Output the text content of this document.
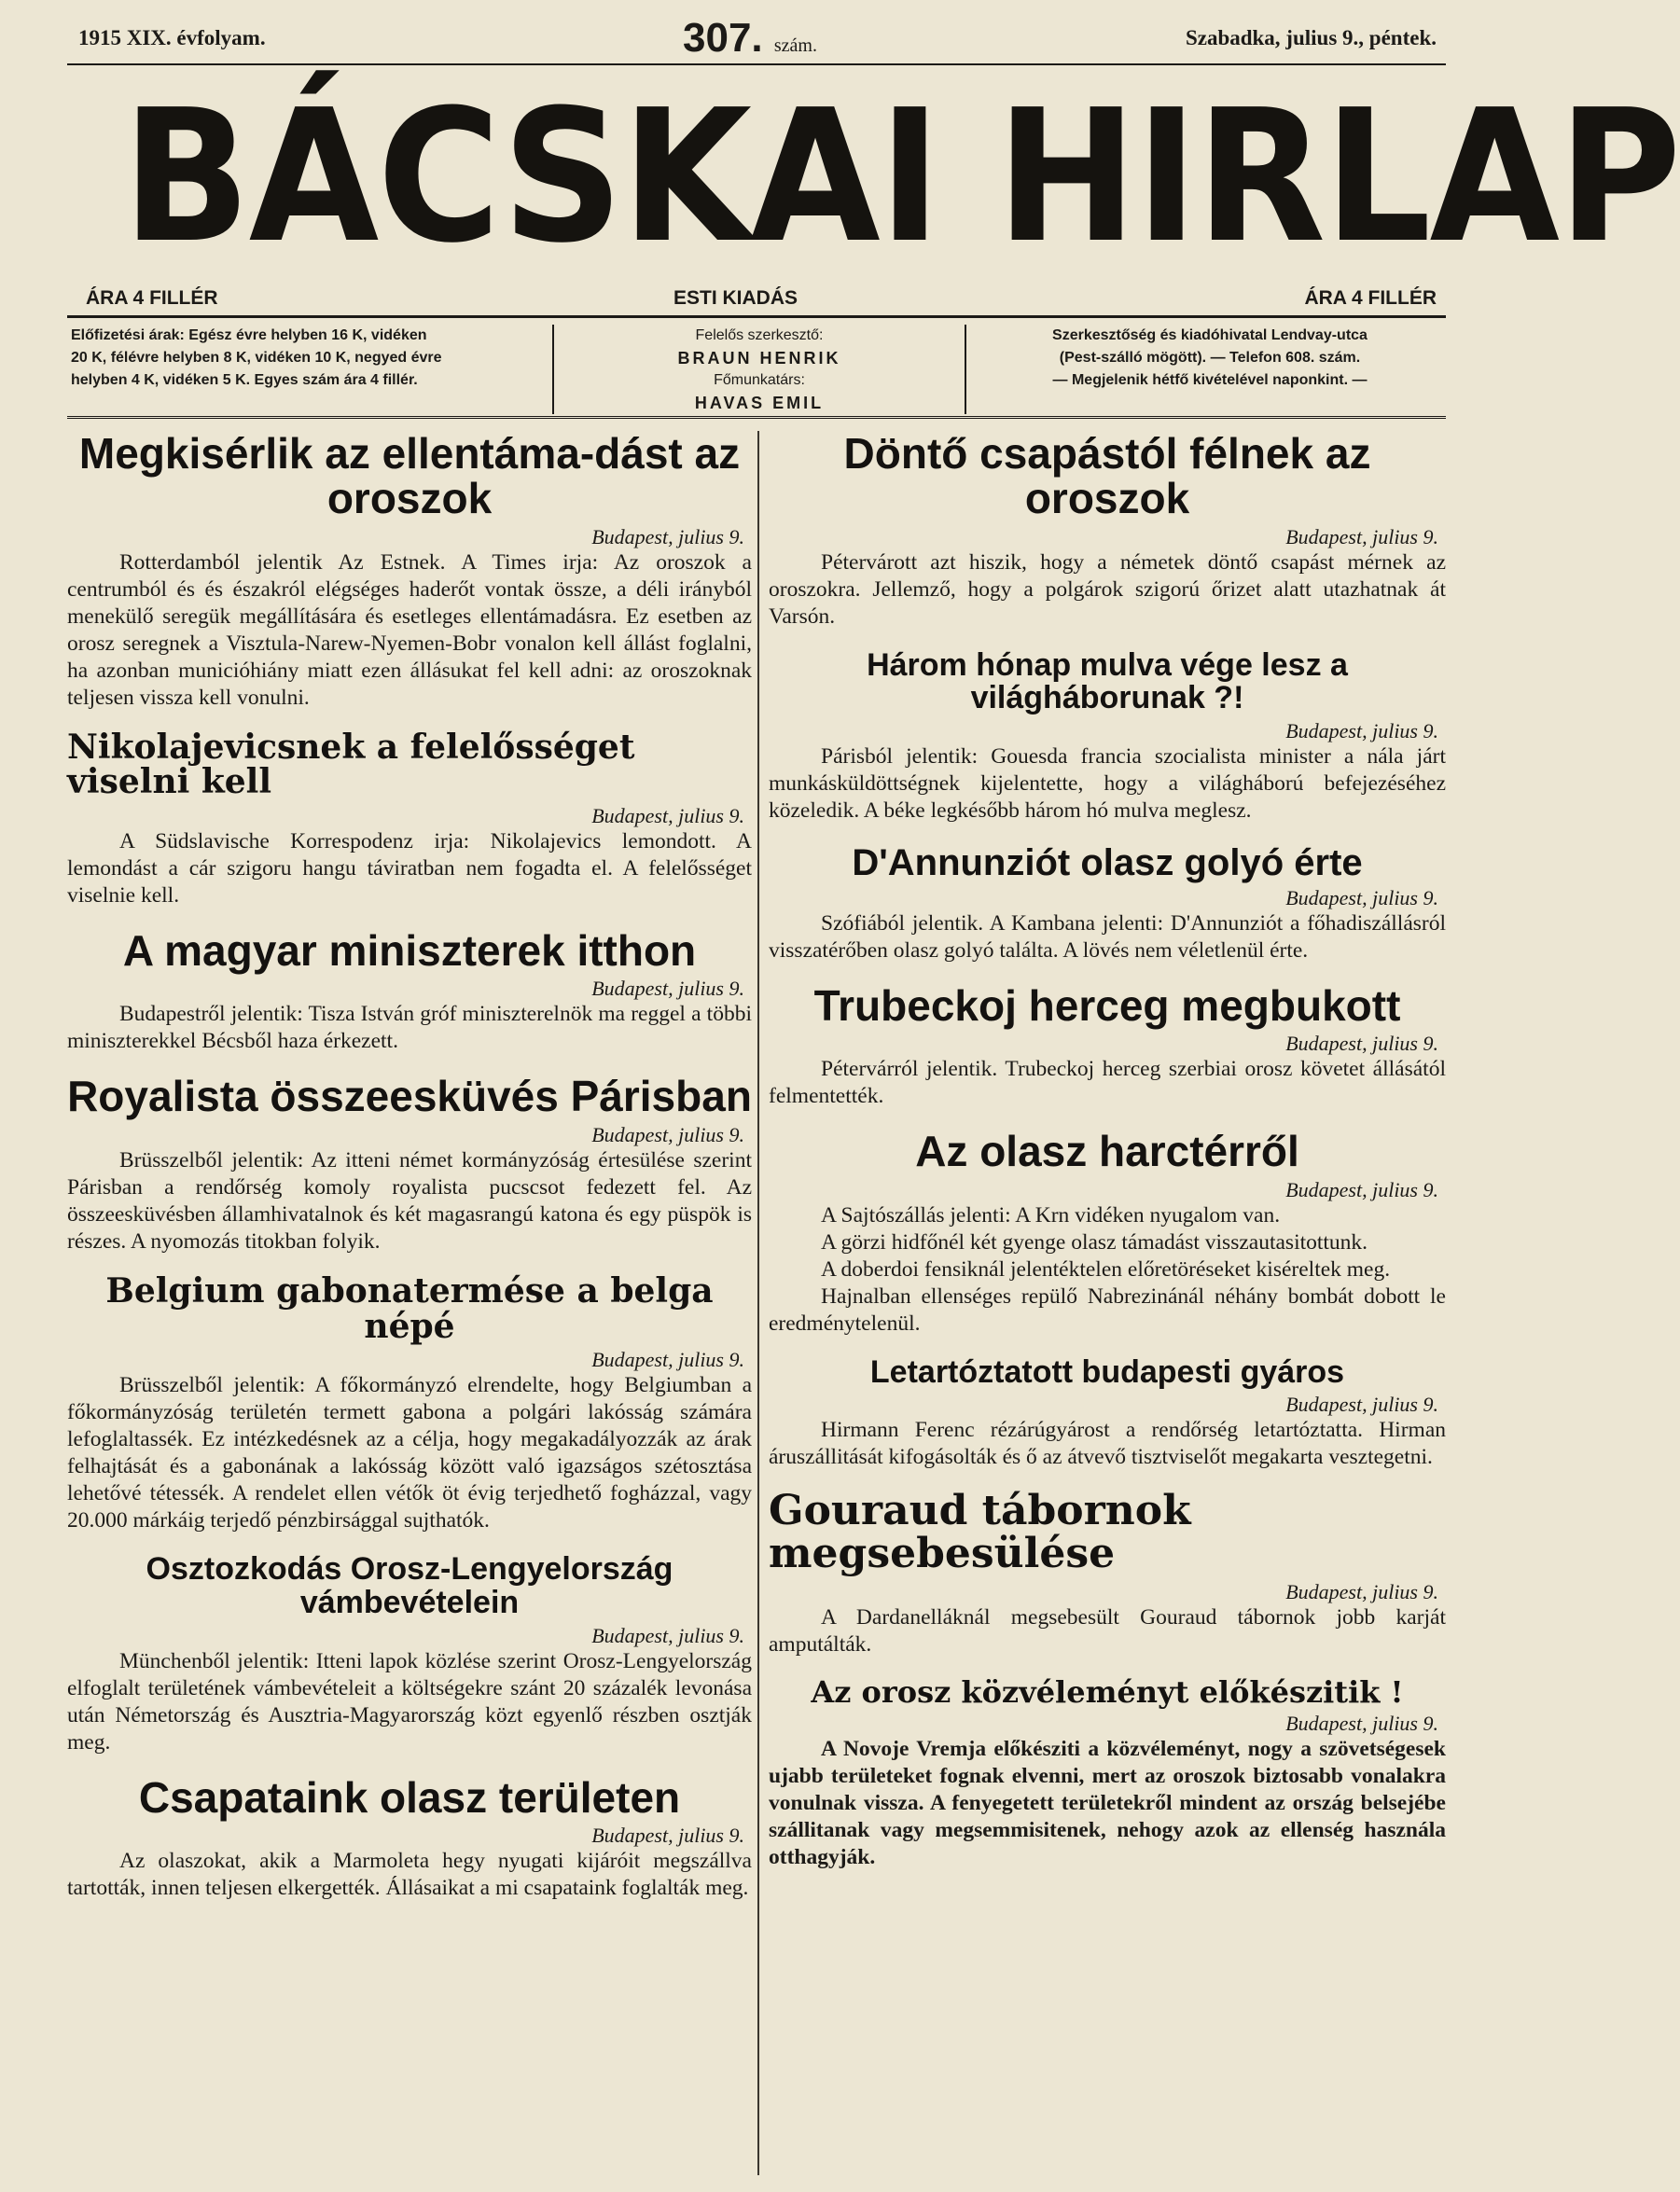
1915 XIX. évfolyam.	307. szám.	Szabadka, julius 9., péntek.
BÁCSKAI HIRLAP
ÁRA 4 FILLÉR	ESTI KIADÁS	ÁRA 4 FILLÉR
Előfizetési árak: Egész évre helyben 16 K, vidéken
20 K, félévre helyben 8 K, vidéken 10 K, negyed évre
helyben 4 K, vidéken 5 K. Egyes szám ára 4 fillér.
Felelős szerkesztő:
BRAUN HENRIK
Főmunkatárs:
HAVAS EMIL
Szerkesztőség és kiadóhivatal Lendvay-utca
(Pest-szálló mögött). — Telefon 608. szám.
— Megjelenik hétfő kivételével naponkint. —
Megkisérlik az ellentáma-dást az oroszok
Budapest, julius 9.

Rotterdamból jelentik Az Estnek. A Times irja: Az oroszok a centrumból és és északról elégséges haderőt vontak össze, a déli irányból menekülő seregük megállítására és esetleges ellentámadásra. Ez esetben az orosz seregnek a Visztula-Narew-Nyemen-Bobr vonalon kell állást foglalni, ha azonban municióhiány miatt ezen állásukat fel kell adni: az oroszoknak teljesen vissza kell vonulni.

Nikolajevicsnek a felelősséget viselni kell
Budapest, julius 9.

A Südslavische Korrespodenz irja: Nikolajevics lemondott. A lemondást a cár szigoru hangu táviratban nem fogadta el. A felelősséget viselnie kell.

A magyar miniszterek itthon
Budapest, julius 9.

Budapestről jelentik: Tisza István gróf miniszterelnök ma reggel a többi miniszterekkel Bécsből haza érkezett.

Royalista összeesküvés Párisban
Budapest, julius 9.

Brüsszelből jelentik: Az itteni német kormányzóság értesülése szerint Párisban a rendőrség komoly royalista pucscsot fedezett fel. Az összeesküvésben államhivatalnok és két magasrangú katona és egy püspök is részes. A nyomozás titokban folyik.

Belgium gabonatermése a belga népé
Budapest, julius 9.

Brüsszelből jelentik: A főkormányzó elrendelte, hogy Belgiumban a főkormányzóság területén termett gabona a polgári lakósság számára lefoglaltassék. Ez intézkedésnek az a célja, hogy megakadályozzák az árak felhajtását és a gabonának a lakósság között való igazságos szétosztása lehetővé tétessék. A rendelet ellen vétők öt évig terjedhető fogházzal, vagy 20.000 márkáig terjedő pénzbirsággal sujthatók.

Osztozkodás Orosz-Lengyelország vámbevételein
Budapest, julius 9.

Münchenből jelentik: Itteni lapok közlése szerint Orosz-Lengyelország elfoglalt területének vámbevételeit a költségekre szánt 20 százalék levonása után Németország és Ausztria-Magyarország közt egyenlő részben osztják meg.

Csapataink olasz területen
Budapest, julius 9.

Az olaszokat, akik a Marmoleta hegy nyugati kijáróit megszállva tartották, innen teljesen elkergették. Állásaikat a mi csapataink foglalták meg.

Döntő csapástól félnek az oroszok
Budapest, julius 9.

Pétervárott azt hiszik, hogy a németek döntő csapást mérnek az oroszokra. Jellemző, hogy a polgárok szigorú őrizet alatt utazhatnak át Varsón.

Három hónap mulva vége lesz a világháborunak ?!
Budapest, julius 9.

Párisból jelentik: Gouesda francia szocialista minister a nála járt munkásküldöttségnek kijelentette, hogy a világháború befejezéséhez közeledik. A béke legkésőbb három hó mulva meglesz.

D'Annunziót olasz golyó érte
Budapest, julius 9.

Szófiából jelentik. A Kambana jelenti: D'Annunziót a főhadiszállásról visszatérőben olasz golyó találta. A lövés nem véletlenül érte.

Trubeckoj herceg megbukott
Budapest, julius 9.

Pétervárról jelentik. Trubeckoj herceg szerbiai orosz követet állásától felmentették.

Az olasz harctérről
Budapest, julius 9.

A Sajtószállás jelenti: A Krn vidéken nyugalom van.

A görzi hidfőnél két gyenge olasz támadást visszautasitottunk.

A doberdoi fensiknál jelentéktelen előretöréseket kiséreltek meg.

Hajnalban ellenséges repülő Nabrezinánál néhány bombát dobott le eredménytelenül.

Letartóztatott budapesti gyáros
Budapest, julius 9.

Hirmann Ferenc rézárúgyárost a rendőrség letartóztatta. Hirman áruszállitását kifogásolták és ő az átvevő tisztviselőt megakarta vesztegetni.

Gouraud tábornok megsebesülése
Budapest, julius 9.

A Dardanelláknál megsebesült Gouraud tábornok jobb karját amputálták.

Az orosz közvéleményt előkészitik !
Budapest, julius 9.

A Novoje Vremja előkésziti a közvéleményt, nogy a szövetségesek ujabb területeket fognak elvenni, mert az oroszok biztosabb vonalakra vonulnak vissza. A fenyegetett területekről mindent az ország belsejébe szállitanak vagy megsemmisitenek, nehogy azok az ellenség használa otthagyják.
